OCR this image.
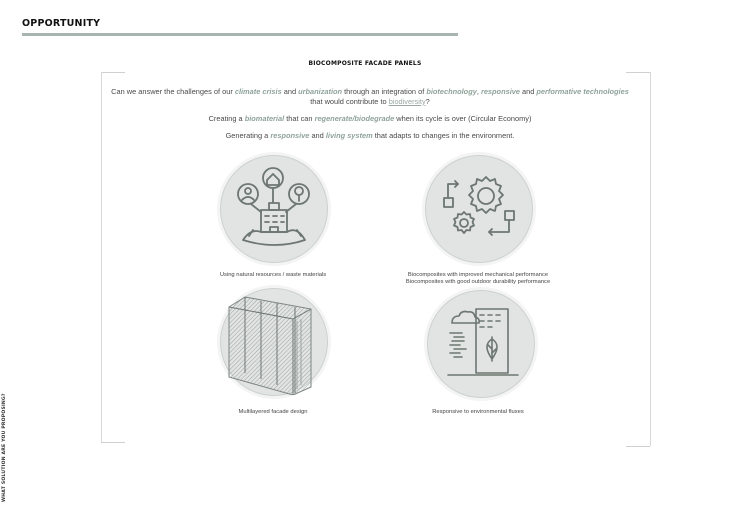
OPPORTUNITY
BIOCOMPOSITE FACADE PANELS
Can we answer the challenges of our climate crisis and urbanization through an integration of biotechnology, responsive and performative technologies
that would contribute to biodiversity?
Creating a biomaterial that can regenerate/biodegrade when its cycle is over (Circular Economy)
Generating a responsive and living system that adapts to changes in the environment.
Using natural resources / waste materials	Biocomposites with improved mechanical performance
Biocomposites with good outdoor durability performance
Multilayered facade design	Responsive to environmental fluxes
WHAT SOLUTION ARE YOU PROPOSING?
